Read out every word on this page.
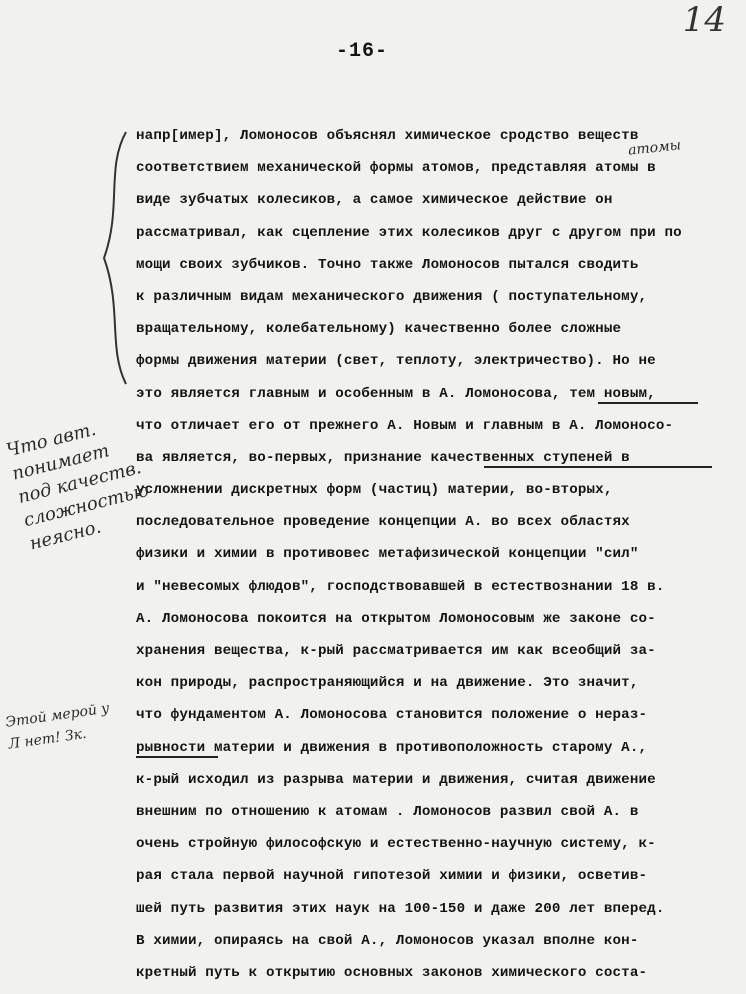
14
-16-
атомы
напр[имер], Ломоносов объяснял химическое сродство веществ
соответствием механической формы атомов, представляя атомы в
виде зубчатых колесиков, а самое химическое действие он
рассматривал, как сцепление этих колесиков друг с другом при по
мощи своих зубчиков. Точно также Ломоносов пытался сводить
к различным видам механического движения ( поступательному,
вращательному, колебательному) качественно более сложные
формы движения материи (свет, теплоту, электричество). Но не
это является главным и особенным в А. Ломоносова, тем новым,
что отличает его от прежнего А. Новым и главным в А. Ломоносо-
ва является, во-первых, признание качественных ступеней в
усложнении дискретных форм (частиц) материи, во-вторых,
последовательное проведение концепции А. во всех областях
физики и химии в противовес метафизической концепции "сил"
и "невесомых флюдов", господствовавшей в естествознании 18 в.
А. Ломоносова покоится на открытом Ломоносовым же законе со-
хранения вещества, к-рый рассматривается им как всеобщий за-
кон природы, распространяющийся и на движение. Это значит,
что фундаментом А. Ломоносова становится положение о нераз-
рывности материи и движения в противоположность старому А.,
к-рый исходил из разрыва материи и движения, считая движение
внешним по отношению к атомам . Ломоносов развил свой А. в
очень стройную философскую и естественно-научную систему, к-
рая стала первой научной гипотезой химии и физики, осветив-
шей путь развития этих наук на 100-150 и даже 200 лет вперед.
В химии, опираясь на свой А., Ломоносов указал вполне кон-
кретный путь к открытию основных законов химического соста-
Что авт. понимает под качеств. сложностью неясно.
Этой мерой у Л нет! Зк.
